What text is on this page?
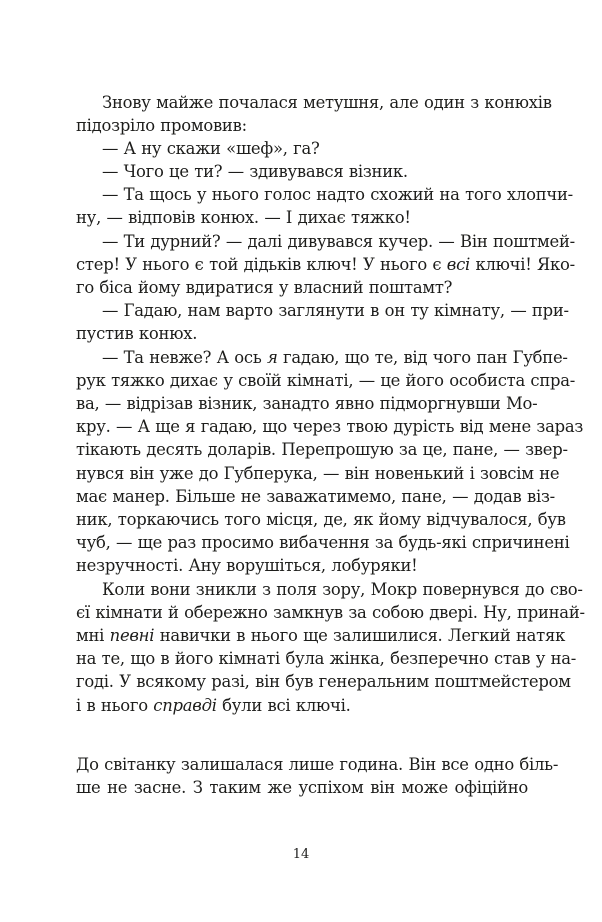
Знову майже почалася метушня, але один з конюхів
підозріло промовив:
— А ну скажи «шеф», га?
— Чого це ти? — здивувався візник.
— Та щось у нього голос надто схожий на того хлопчи-
ну, — відповів конюх. — І дихає тяжко!
— Ти дурний? — далі дивувався кучер. — Він поштмей-
стер! У нього є той дідьків ключ! У нього є всі ключі! Яко-
го біса йому вдиратися у власний поштамт?
— Гадаю, нам варто заглянути в он ту кімнату, — при-
пустив конюх.
— Та невже? А ось я гадаю, що те, від чого пан Губпе-
рук тяжко дихає у своїй кімнаті, — це його особиста спра-
ва, — відрізав візник, занадто явно підморгнувши Мо-
кру. — А ще я гадаю, що через твою дурість від мене зараз
тікають десять доларів. Перепрошую за це, пане, — звер-
нувся він уже до Губперука, — він новенький і зовсім не
має манер. Більше не заважатимемо, пане, — додав віз-
ник, торкаючись того місця, де, як йому відчувалося, був
чуб, — ще раз просимо вибачення за будь-які спричинені
незручності. Ану ворушіться, лобуряки!
Коли вони зникли з поля зору, Мокр повернувся до сво-
єї кімнати й обережно замкнув за собою двері. Ну, принай-
мні певні навички в нього ще залишилися. Легкий натяк
на те, що в його кімнаті була жінка, безперечно став у на-
годі. У всякому разі, він був генеральним поштмейстером
і в нього справді були всі ключі.
До світанку залишалася лише година. Він все одно біль-
ше не засне. З таким же успіхом він може офіційно
14
